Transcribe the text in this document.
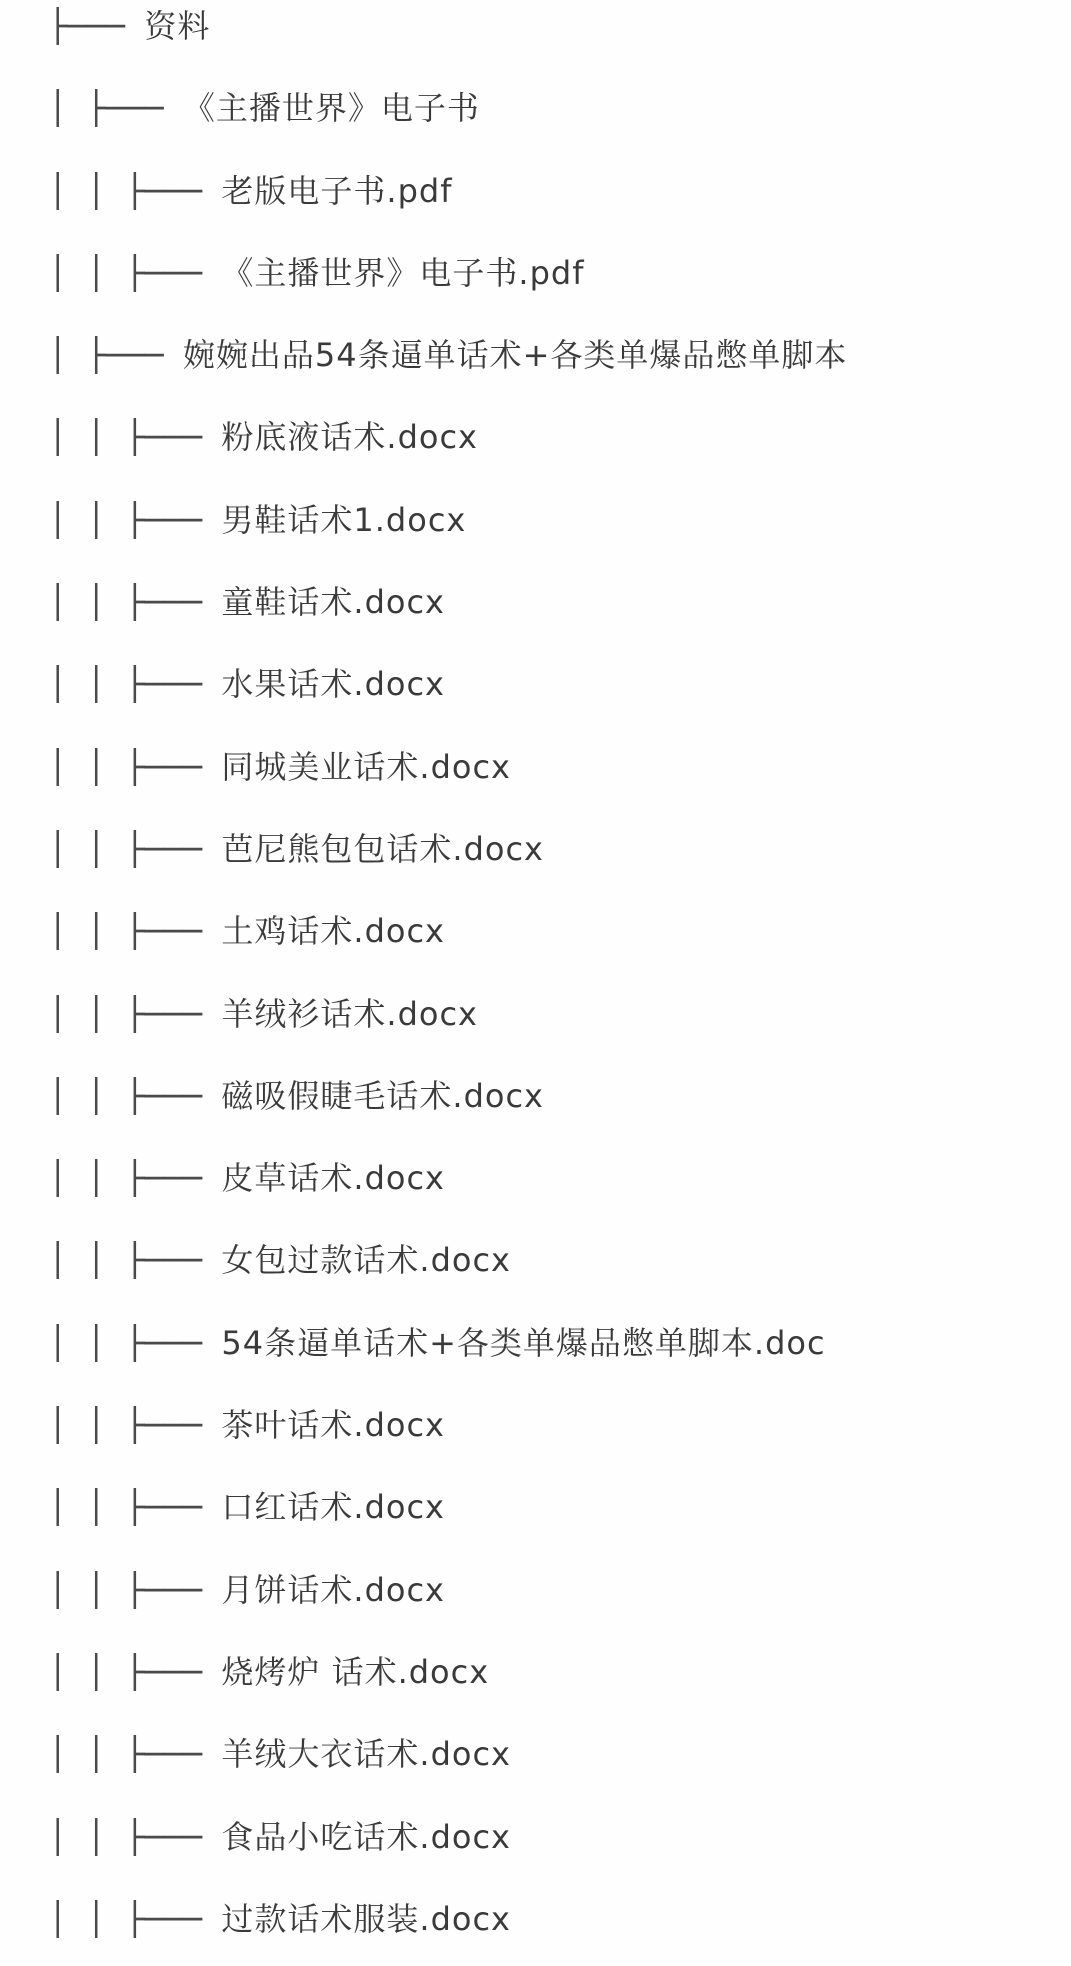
├─── 资料
│ ├─── 《主播世界》电子书
│ │ ├─── 老版电子书.pdf
│ │ ├─── 《主播世界》电子书.pdf
│ ├─── 婉婉出品54条逼单话术+各类单爆品憋单脚本
│ │ ├─── 粉底液话术.docx
│ │ ├─── 男鞋话术1.docx
│ │ ├─── 童鞋话术.docx
│ │ ├─── 水果话术.docx
│ │ ├─── 同城美业话术.docx
│ │ ├─── 芭尼熊包包话术.docx
│ │ ├─── 土鸡话术.docx
│ │ ├─── 羊绒衫话术.docx
│ │ ├─── 磁吸假睫毛话术.docx
│ │ ├─── 皮草话术.docx
│ │ ├─── 女包过款话术.docx
│ │ ├─── 54条逼单话术+各类单爆品憋单脚本.doc
│ │ ├─── 茶叶话术.docx
│ │ ├─── 口红话术.docx
│ │ ├─── 月饼话术.docx
│ │ ├─── 烧烤炉 话术.docx
│ │ ├─── 羊绒大衣话术.docx
│ │ ├─── 食品小吃话术.docx
│ │ ├─── 过款话术服装.docx
